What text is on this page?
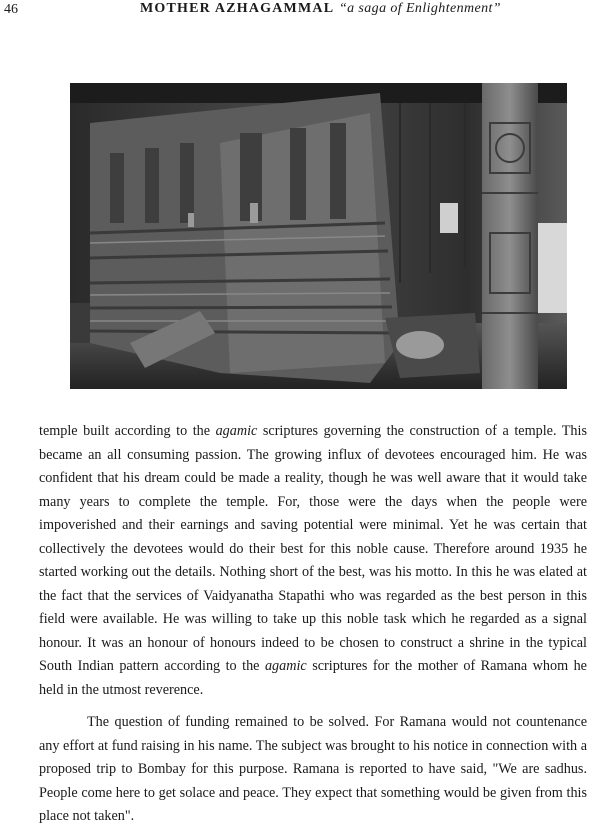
46	MOTHER AZHAGAMMAL “a saga of Enlightenment”

temple built according to the agamic scriptures governing the construction of a temple. This became an all consuming passion. The growing influx of devotees encouraged him. He was confident that his dream could be made a reality, though he was well aware that it would take many years to complete the temple. For, those were the days when the people were impoverished and their earnings and saving potential were minimal. Yet he was certain that collectively the devotees would do their best for this noble cause. Therefore around 1935 he started working out the details. Nothing short of the best, was his motto. In this he was elated at the fact that the services of Vaidyanatha Stapathi who was regarded as the best person in this field were available. He was willing to take up this noble task which he regarded as a signal honour. It was an honour of honours indeed to be chosen to construct a shrine in the typical South Indian pattern according to the agamic scriptures for the mother of Ramana whom he held in the utmost reverence.

The question of funding remained to be solved. For Ramana would not countenance any effort at fund raising in his name. The subject was brought to his notice in connection with a proposed trip to Bombay for this purpose. Ramana is reported to have said, "We are sadhus. People come here to get solace and peace. They expect that something would be given from this place not taken".
